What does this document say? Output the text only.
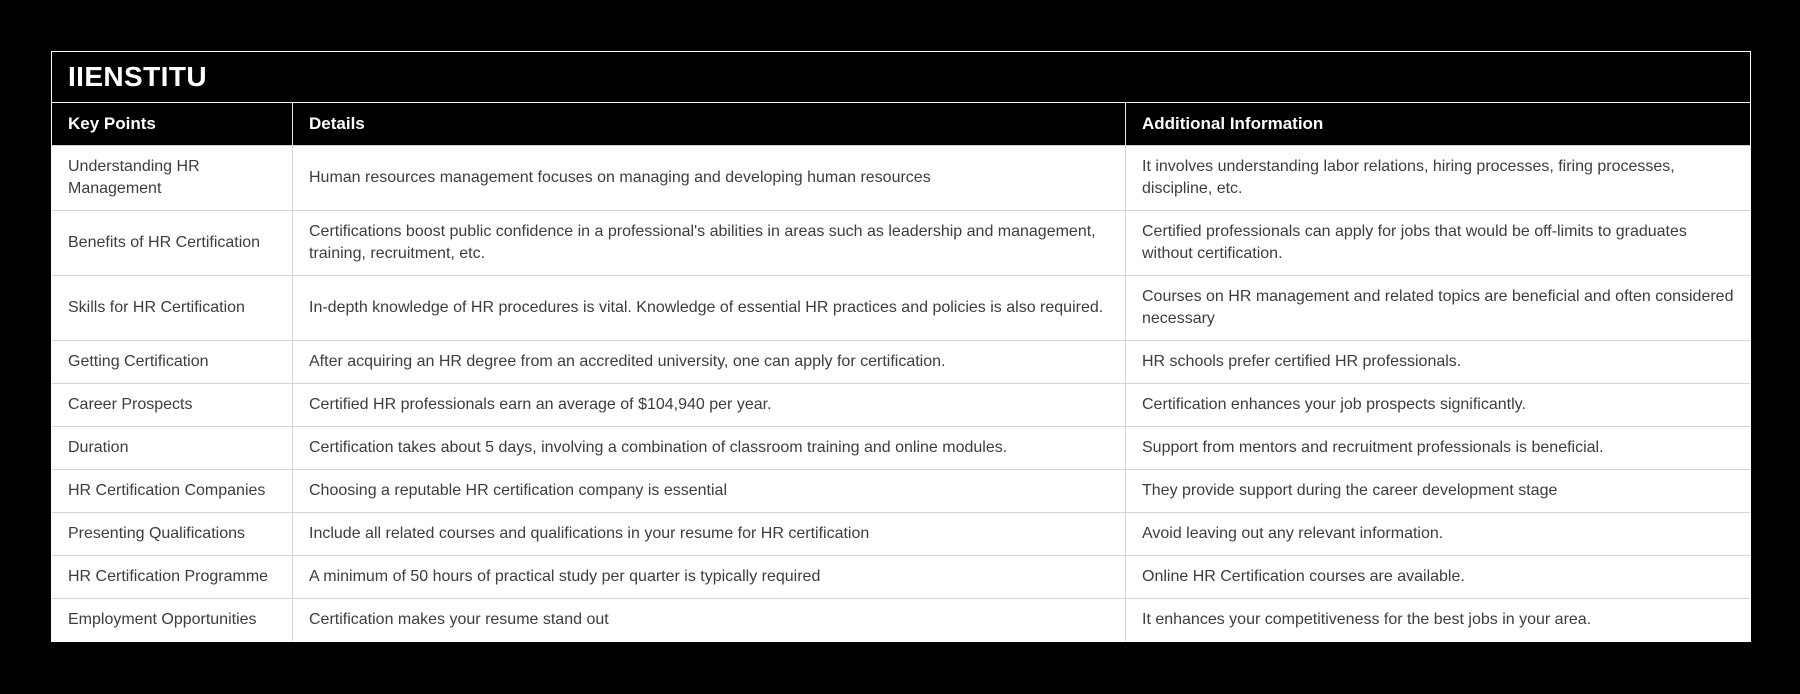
IIENSTITU		
Key Points	Details	Additional Information
Understanding HR Management	Human resources management focuses on managing and developing human resources	It involves understanding labor relations, hiring processes, firing processes, discipline, etc.
Benefits of HR Certification	Certifications boost public confidence in a professional's abilities in areas such as leadership and management, training, recruitment, etc.	Certified professionals can apply for jobs that would be off-limits to graduates without certification.
Skills for HR Certification	In-depth knowledge of HR procedures is vital. Knowledge of essential HR practices and policies is also required.	Courses on HR management and related topics are beneficial and often considered necessary
Getting Certification	After acquiring an HR degree from an accredited university, one can apply for certification.	HR schools prefer certified HR professionals.
Career Prospects	Certified HR professionals earn an average of $104,940 per year.	Certification enhances your job prospects significantly.
Duration	Certification takes about 5 days, involving a combination of classroom training and online modules.	Support from mentors and recruitment professionals is beneficial.
HR Certification Companies	Choosing a reputable HR certification company is essential	They provide support during the career development stage
Presenting Qualifications	Include all related courses and qualifications in your resume for HR certification	Avoid leaving out any relevant information.
HR Certification Programme	A minimum of 50 hours of practical study per quarter is typically required	Online HR Certification courses are available.
Employment Opportunities	Certification makes your resume stand out	It enhances your competitiveness for the best jobs in your area.
